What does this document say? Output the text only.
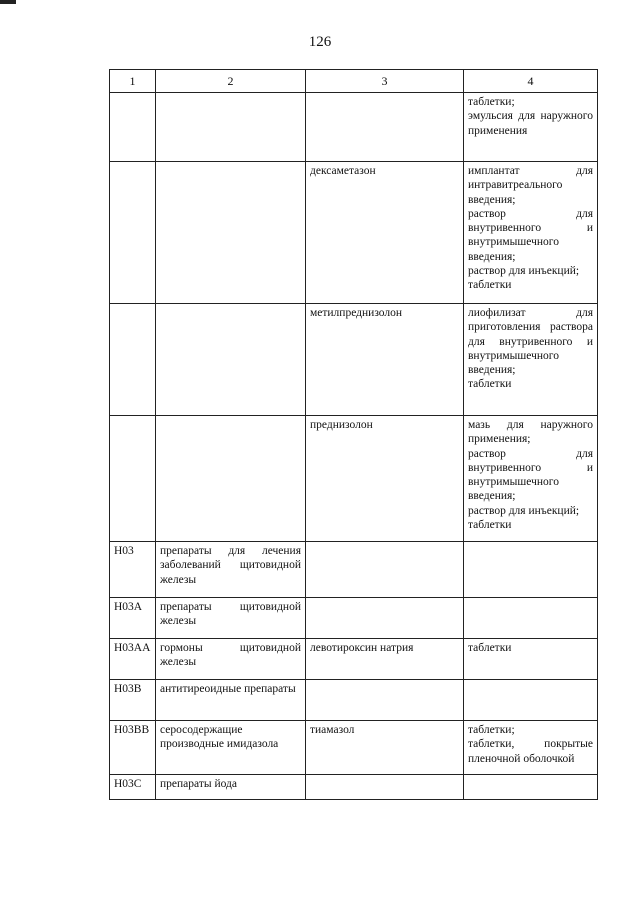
126
1	2	3	4

			таблетки;
эмульсия для наружного применения

		дексаметазон	имплантат для интравитреального введения;
раствор для внутривенного и внутримышечного введения;
раствор для инъекций;
таблетки

		метилпреднизолон	лиофилизат для приготовления раствора для внутривенного и внутримышечного введения;
таблетки

		преднизолон	мазь для наружного применения;
раствор для внутривенного и внутримышечного введения;
раствор для инъекций;
таблетки

H03	препараты для лечения заболеваний щитовидной железы		
H03A	препараты щитовидной железы		
H03AA	гормоны щитовидной железы	левотироксин натрия	таблетки

H03B	антитиреоидные препараты		
H03BB	серосодержащие производные имидазола	тиамазол	таблетки;
таблетки, покрытые пленочной оболочкой

H03C	препараты йода		
